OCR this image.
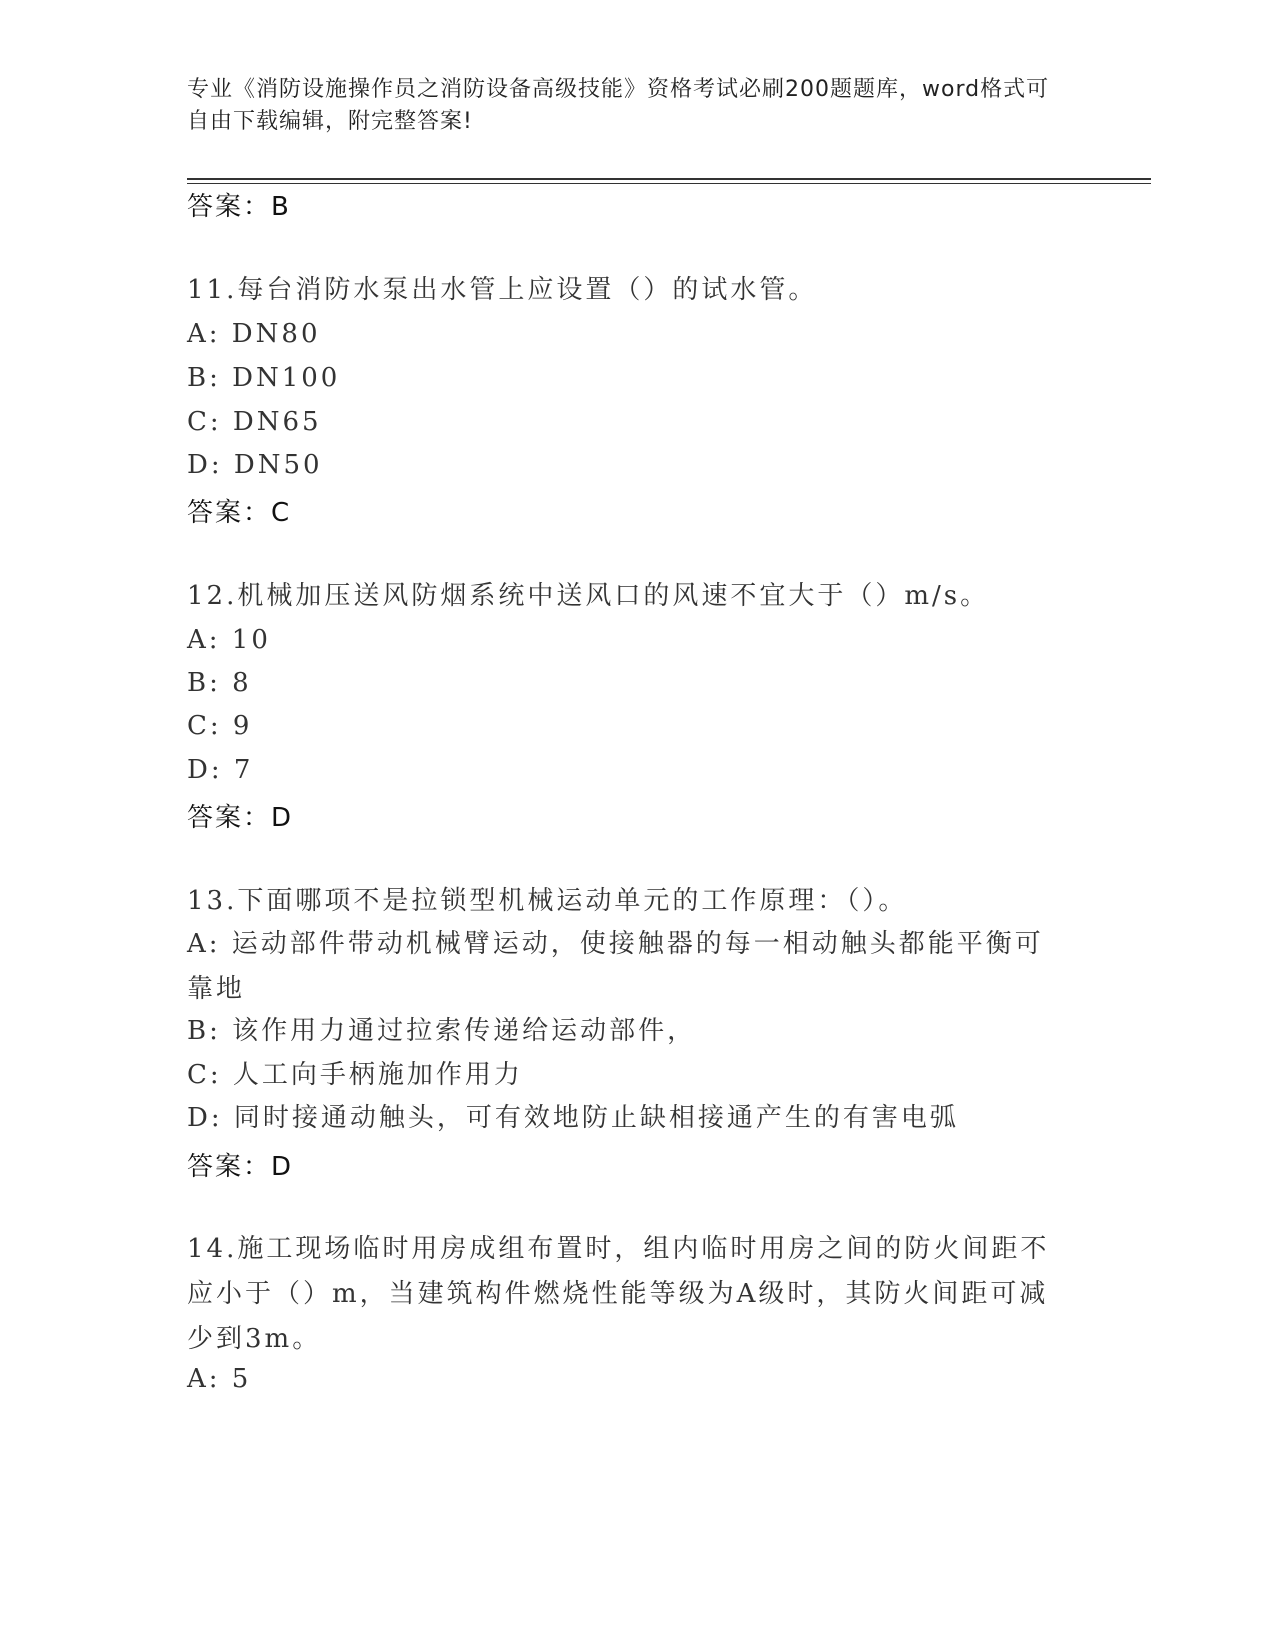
专业《消防设施操作员之消防设备高级技能》资格考试必刷200题题库，word格式可自由下载编辑，附完整答案!
答案：B
11.每台消防水泵出水管上应设置（）的试水管。
A: DN80
B: DN100
C: DN65
D: DN50
答案：C
12.机械加压送风防烟系统中送风口的风速不宜大于（）m/s。
A: 10
B: 8
C: 9
D: 7
答案：D
13.下面哪项不是拉锁型机械运动单元的工作原理：（）。
A: 运动部件带动机械臂运动，使接触器的每一相动触头都能平衡可靠地
B: 该作用力通过拉索传递给运动部件，
C: 人工向手柄施加作用力
D: 同时接通动触头，可有效地防止缺相接通产生的有害电弧
答案：D
14.施工现场临时用房成组布置时，组内临时用房之间的防火间距不应小于（）m，当建筑构件燃烧性能等级为A级时，其防火间距可减少到3m。
A: 5
